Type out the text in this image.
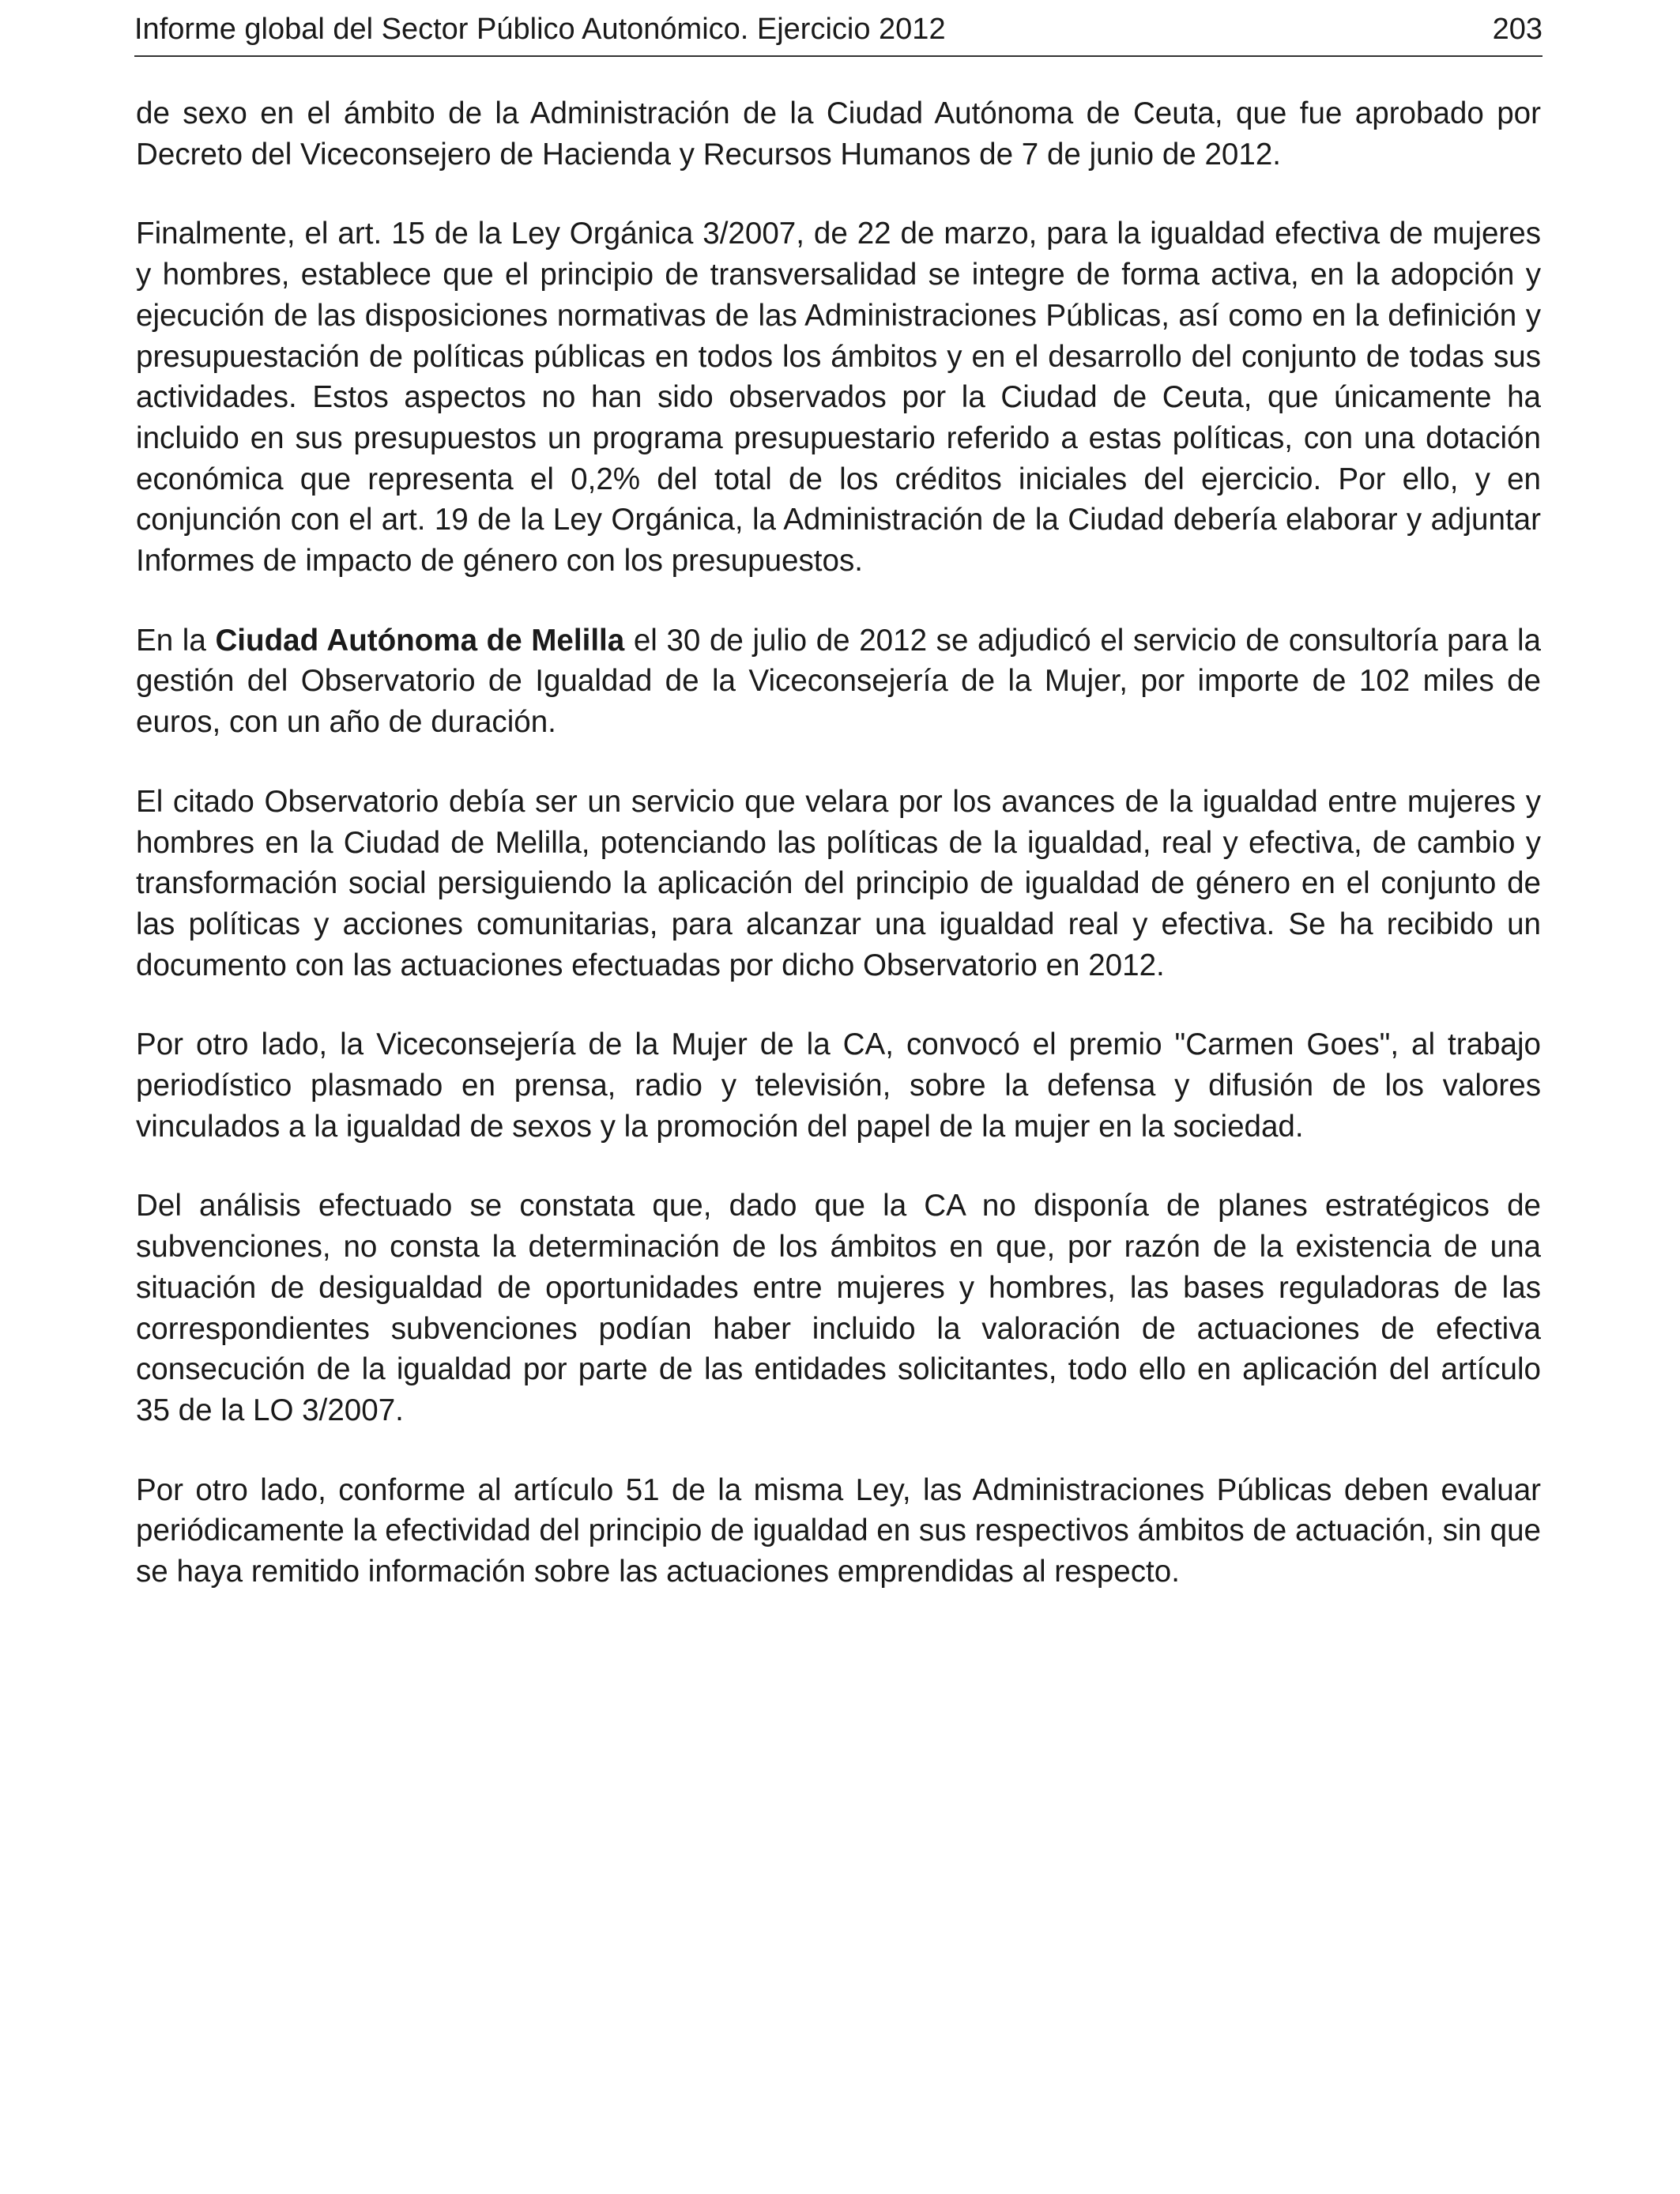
Informe global del Sector Público Autonómico. Ejercicio 2012	203

de sexo en el ámbito de la Administración de la Ciudad Autónoma de Ceuta, que fue aprobado por Decreto del Viceconsejero de Hacienda y Recursos Humanos de 7 de junio de 2012.

Finalmente, el art. 15 de la Ley Orgánica 3/2007, de 22 de marzo, para la igualdad efectiva de mujeres y hombres, establece que el principio de transversalidad se integre de forma activa, en la adopción y ejecución de las disposiciones normativas de las Administraciones Públicas, así como en la definición y presupuestación de políticas públicas en todos los ámbitos y en el desarrollo del conjunto de todas sus actividades. Estos aspectos no han sido observados por la Ciudad de Ceuta, que únicamente ha incluido en sus presupuestos un programa presupuestario referido a estas políticas, con una dotación económica que representa el 0,2% del total de los créditos iniciales del ejercicio. Por ello, y en conjunción con el art. 19 de la Ley Orgánica, la Administración de la Ciudad debería elaborar y adjuntar Informes de impacto de género con los presupuestos.

En la Ciudad Autónoma de Melilla el 30 de julio de 2012 se adjudicó el servicio de consultoría para la gestión del Observatorio de Igualdad de la Viceconsejería de la Mujer, por importe de 102 miles de euros, con un año de duración.

El citado Observatorio debía ser un servicio que velara por los avances de la igualdad entre mujeres y hombres en la Ciudad de Melilla, potenciando las políticas de la igualdad, real y efectiva, de cambio y transformación social persiguiendo la aplicación del principio de igualdad de género en el conjunto de las políticas y acciones comunitarias, para alcanzar una igualdad real y efectiva. Se ha recibido un documento con las actuaciones efectuadas por dicho Observatorio en 2012.

Por otro lado, la Viceconsejería de la Mujer de la CA, convocó el premio "Carmen Goes", al trabajo periodístico plasmado en prensa, radio y televisión, sobre la defensa y difusión de los valores vinculados a la igualdad de sexos y la promoción del papel de la mujer en la sociedad.

Del análisis efectuado se constata que, dado que la CA no disponía de planes estratégicos de subvenciones, no consta la determinación de los ámbitos en que, por razón de la existencia de una situación de desigualdad de oportunidades entre mujeres y hombres, las bases reguladoras de las correspondientes subvenciones podían haber incluido la valoración de actuaciones de efectiva consecución de la igualdad por parte de las entidades solicitantes, todo ello en aplicación del artículo 35 de la LO 3/2007.

Por otro lado, conforme al artículo 51 de la misma Ley, las Administraciones Públicas deben evaluar periódicamente la efectividad del principio de igualdad en sus respectivos ámbitos de actuación, sin que se haya remitido información sobre las actuaciones emprendidas al respecto.
